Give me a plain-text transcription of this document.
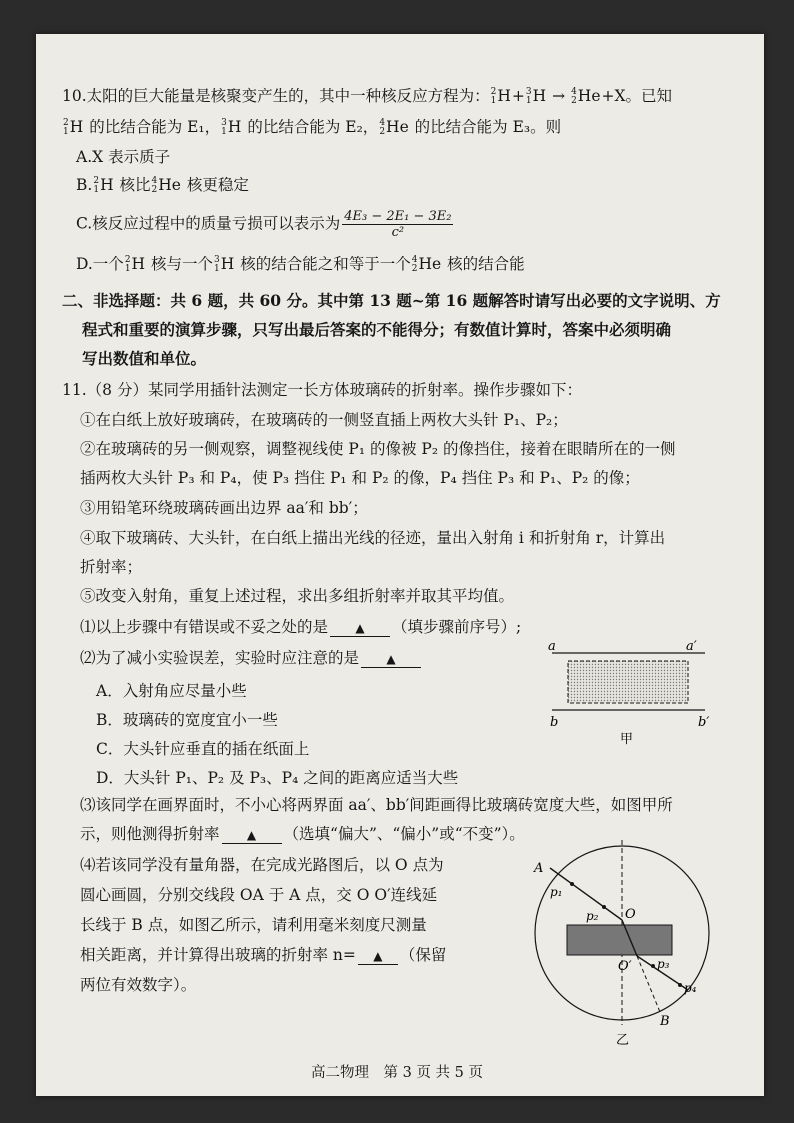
10.太阳的巨大能量是核聚变产生的，其中一种核反应方程为： 2
1 H+ 3
1 H → 4
2 He+X。已知
2
1 H 的比结合能为 E₁， 3
1 H 的比结合能为 E₂， 4
2 He 的比结合能为 E₃。则
A.X 表示质子
B. 2
1 H 核比 4
2 He 核更稳定
C.核反应过程中的质量亏损可以表示为 $\frac{\text{4E₃ − 2E₁ − 3E₂}}{\text{c²}}$
D.一个 2
1 H 核与一个 3
1 H 核的结合能之和等于一个 4
2 He 核的结合能
二、非选择题：共 6 题，共 60 分。其中第 13 题~第 16 题解答时请写出必要的文字说明、方
程式和重要的演算步骤，只写出最后答案的不能得分；有数值计算时，答案中必须明确
写出数值和单位。
11.（8 分）某同学用插针法测定一长方体玻璃砖的折射率。操作步骤如下：
①在白纸上放好玻璃砖，在玻璃砖的一侧竖直插上两枚大头针 P₁、P₂；
②在玻璃砖的另一侧观察，调整视线使 P₁ 的像被 P₂ 的像挡住，接着在眼睛所在的一侧
插两枚大头针 P₃ 和 P₄，使 P₃ 挡住 P₁ 和 P₂ 的像，P₄ 挡住 P₃ 和 P₁、P₂ 的像；
③用铅笔环绕玻璃砖画出边界 aa′和 bb′；
④取下玻璃砖、大头针，在白纸上描出光线的径迹，量出入射角 i 和折射角 r，计算出
折射率；
⑤改变入射角，重复上述过程，求出多组折射率并取其平均值。
⑴以上步骤中有错误或不妥之处的是 ▲ （填步骤前序号）;
⑵为了减小实验误差，实验时应注意的是 ▲
A．入射角应尽量小些
B．玻璃砖的宽度宜小一些
C．大头针应垂直的插在纸面上
D．大头针 P₁、P₂ 及 P₃、P₄ 之间的距离应适当大些
⑶该同学在画界面时，不小心将两界面 aa′、bb′间距画得比玻璃砖宽度大些，如图甲所
示，则他测得折射率 ▲ （选填“偏大”、“偏小”或“不变”）。
⑷若该同学没有量角器，在完成光路图后，以 O 点为
圆心画圆，分别交线段 OA 于 A 点，交 O O′连线延
长线于 B 点，如图乙所示，请利用毫米刻度尺测量
相关距离，并计算得出玻璃的折射率 n= ▲ （保留
两位有效数字）。
a	a′
b	b′
甲
A
p₁
p₂ O
O′ p₃
p₄
B
乙
高二物理　第 3 页 共 5 页
